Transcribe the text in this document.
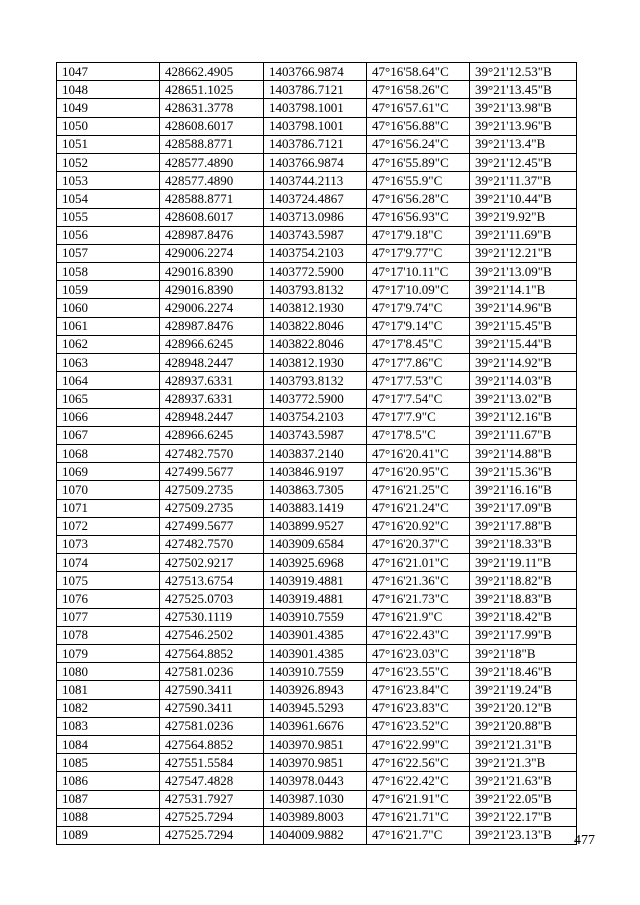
1047	428662.4905	1403766.9874	47°16'58.64"С	39°21'12.53"В
1048	428651.1025	1403786.7121	47°16'58.26"С	39°21'13.45"В
1049	428631.3778	1403798.1001	47°16'57.61"С	39°21'13.98"В
1050	428608.6017	1403798.1001	47°16'56.88"С	39°21'13.96"В
1051	428588.8771	1403786.7121	47°16'56.24"С	39°21'13.4"В
1052	428577.4890	1403766.9874	47°16'55.89"С	39°21'12.45"В
1053	428577.4890	1403744.2113	47°16'55.9"С	39°21'11.37"В
1054	428588.8771	1403724.4867	47°16'56.28"С	39°21'10.44"В
1055	428608.6017	1403713.0986	47°16'56.93"С	39°21'9.92"В
1056	428987.8476	1403743.5987	47°17'9.18"С	39°21'11.69"В
1057	429006.2274	1403754.2103	47°17'9.77"С	39°21'12.21"В
1058	429016.8390	1403772.5900	47°17'10.11"С	39°21'13.09"В
1059	429016.8390	1403793.8132	47°17'10.09"С	39°21'14.1"В
1060	429006.2274	1403812.1930	47°17'9.74"С	39°21'14.96"В
1061	428987.8476	1403822.8046	47°17'9.14"С	39°21'15.45"В
1062	428966.6245	1403822.8046	47°17'8.45"С	39°21'15.44"В
1063	428948.2447	1403812.1930	47°17'7.86"С	39°21'14.92"В
1064	428937.6331	1403793.8132	47°17'7.53"С	39°21'14.03"В
1065	428937.6331	1403772.5900	47°17'7.54"С	39°21'13.02"В
1066	428948.2447	1403754.2103	47°17'7.9"С	39°21'12.16"В
1067	428966.6245	1403743.5987	47°17'8.5"С	39°21'11.67"В
1068	427482.7570	1403837.2140	47°16'20.41"С	39°21'14.88"В
1069	427499.5677	1403846.9197	47°16'20.95"С	39°21'15.36"В
1070	427509.2735	1403863.7305	47°16'21.25"С	39°21'16.16"В
1071	427509.2735	1403883.1419	47°16'21.24"С	39°21'17.09"В
1072	427499.5677	1403899.9527	47°16'20.92"С	39°21'17.88"В
1073	427482.7570	1403909.6584	47°16'20.37"С	39°21'18.33"В
1074	427502.9217	1403925.6968	47°16'21.01"С	39°21'19.11"В
1075	427513.6754	1403919.4881	47°16'21.36"С	39°21'18.82"В
1076	427525.0703	1403919.4881	47°16'21.73"С	39°21'18.83"В
1077	427530.1119	1403910.7559	47°16'21.9"С	39°21'18.42"В
1078	427546.2502	1403901.4385	47°16'22.43"С	39°21'17.99"В
1079	427564.8852	1403901.4385	47°16'23.03"С	39°21'18"В
1080	427581.0236	1403910.7559	47°16'23.55"С	39°21'18.46"В
1081	427590.3411	1403926.8943	47°16'23.84"С	39°21'19.24"В
1082	427590.3411	1403945.5293	47°16'23.83"С	39°21'20.12"В
1083	427581.0236	1403961.6676	47°16'23.52"С	39°21'20.88"В
1084	427564.8852	1403970.9851	47°16'22.99"С	39°21'21.31"В
1085	427551.5584	1403970.9851	47°16'22.56"С	39°21'21.3"В
1086	427547.4828	1403978.0443	47°16'22.42"С	39°21'21.63"В
1087	427531.7927	1403987.1030	47°16'21.91"С	39°21'22.05"В
1088	427525.7294	1403989.8003	47°16'21.71"С	39°21'22.17"В
1089	427525.7294	1404009.9882	47°16'21.7"С	39°21'23.13"В 477
